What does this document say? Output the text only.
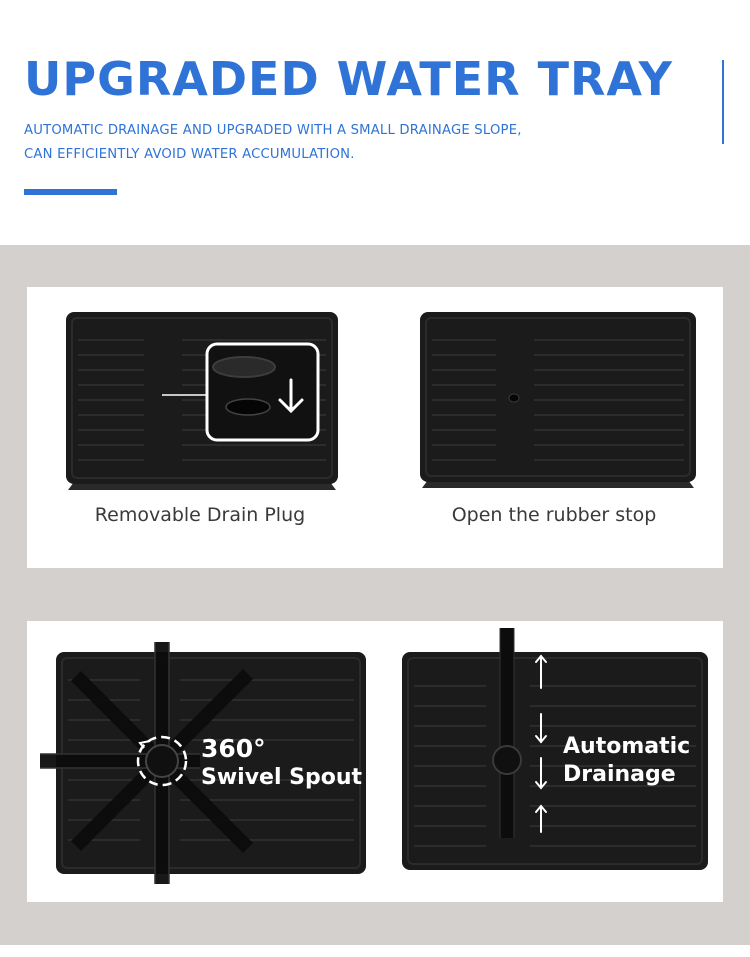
UPGRADED WATER TRAY
AUTOMATIC DRAINAGE AND UPGRADED WITH A SMALL DRAINAGE SLOPE,
CAN EFFICIENTLY AVOID WATER ACCUMULATION.
Removable Drain Plug	Open the rubber stop
360°
Swivel Spout
Automatic
Drainage
